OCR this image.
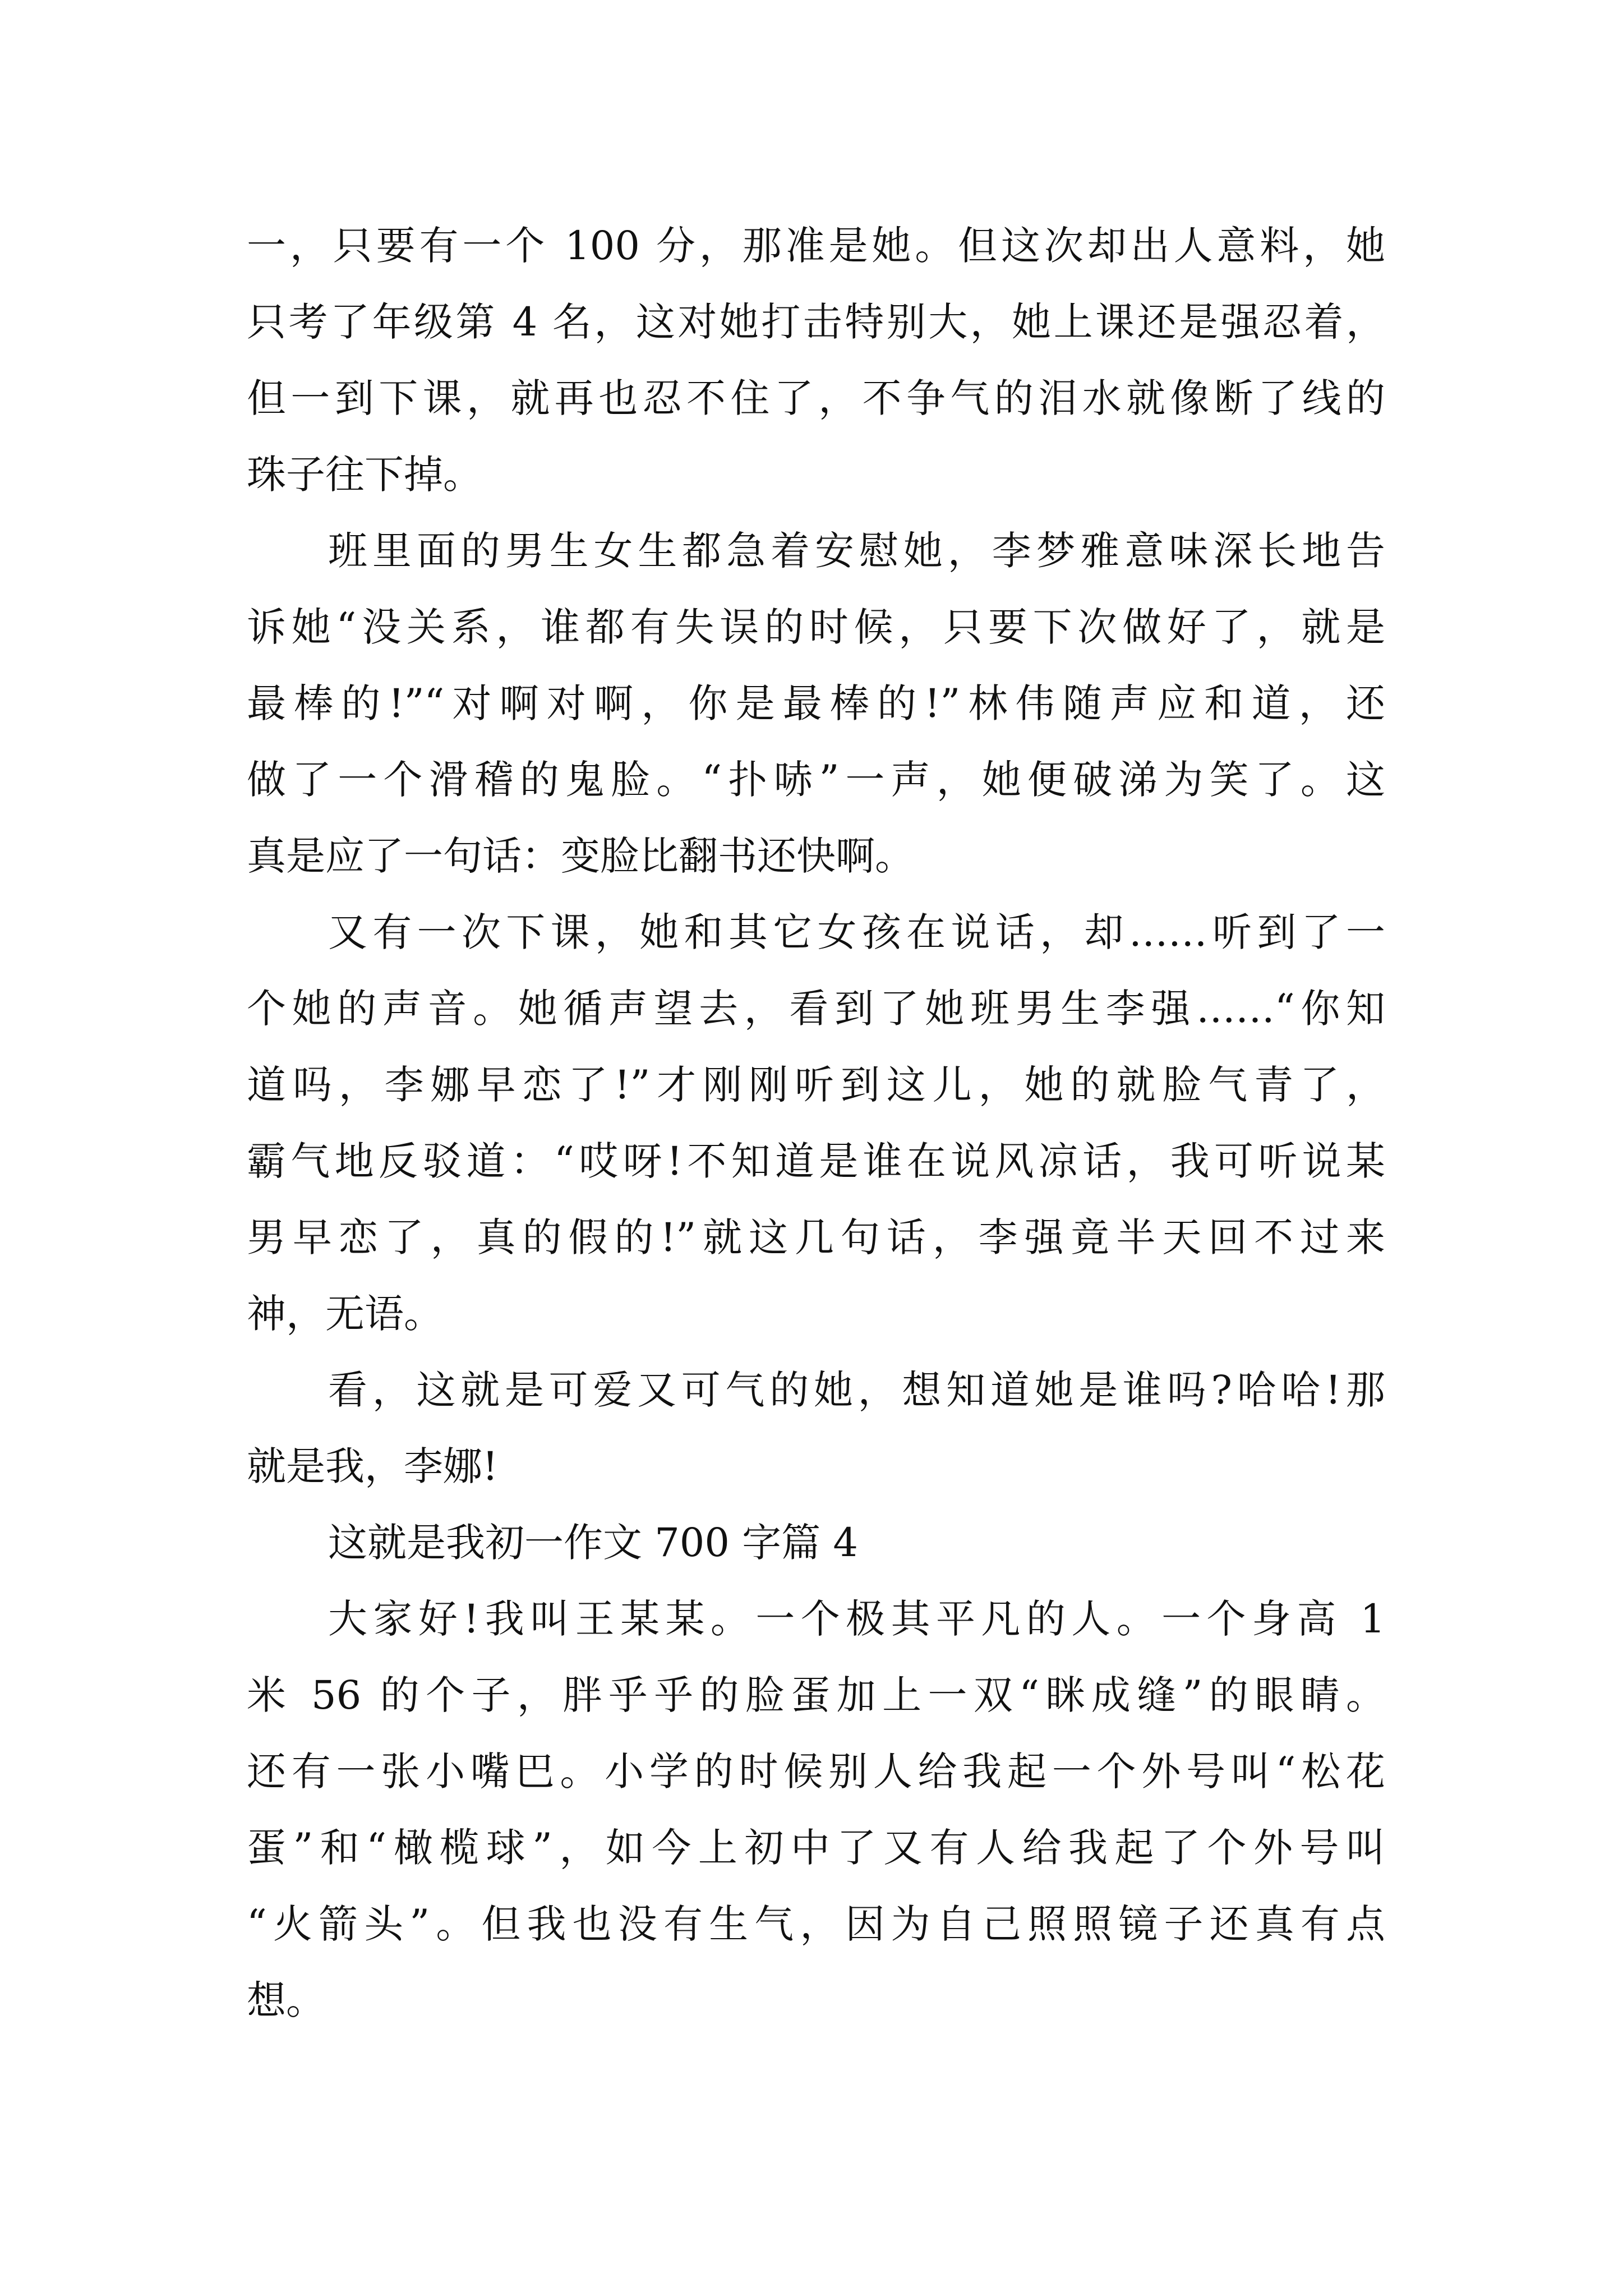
一，只要有一个 100 分，那准是她。但这次却出人意料，她
只考了年级第 4 名，这对她打击特别大，她上课还是强忍着，
但一到下课，就再也忍不住了，不争气的泪水就像断了线的
珠子往下掉。
班里面的男生女生都急着安慰她，李梦雅意味深长地告
诉她“没关系，谁都有失误的时候，只要下次做好了，就是
最棒的!”“对啊对啊，你是最棒的!”林伟随声应和道，还
做了一个滑稽的鬼脸。“扑哧”一声，她便破涕为笑了。这
真是应了一句话：变脸比翻书还快啊。
又有一次下课，她和其它女孩在说话，却……听到了一
个她的声音。她循声望去，看到了她班男生李强……“你知
道吗，李娜早恋了!”才刚刚听到这儿，她的就脸气青了，
霸气地反驳道：“哎呀!不知道是谁在说风凉话，我可听说某
男早恋了，真的假的!”就这几句话，李强竟半天回不过来
神，无语。
看，这就是可爱又可气的她，想知道她是谁吗?哈哈!那
就是我，李娜!
这就是我初一作文 700 字篇 4
大家好!我叫王某某。一个极其平凡的人。一个身高 1
米 56 的个子，胖乎乎的脸蛋加上一双“眯成缝”的眼睛。
还有一张小嘴巴。小学的时候别人给我起一个外号叫“松花
蛋”和“橄榄球”，如今上初中了又有人给我起了个外号叫
“火箭头”。但我也没有生气，因为自己照照镜子还真有点
想。
